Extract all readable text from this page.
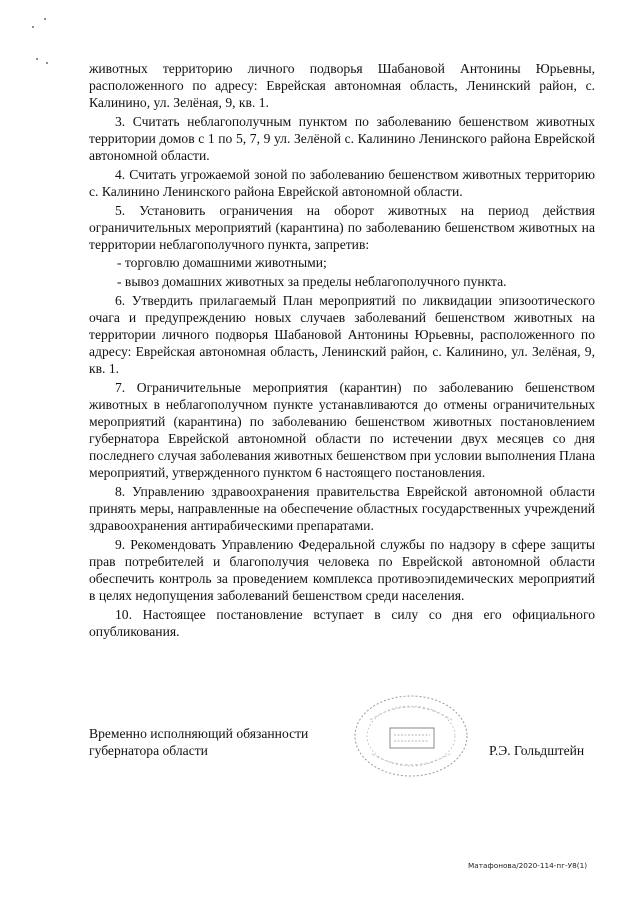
животных территорию личного подворья Шабановой Антонины Юрьевны, расположенного по адресу: Еврейская автономная область, Ленинский район, с. Калинино, ул. Зелёная, 9, кв. 1.

3. Считать неблагополучным пунктом по заболеванию бешенством животных территории домов с 1 по 5, 7, 9 ул. Зелёной с. Калинино Ленинского района Еврейской автономной области.

4. Считать угрожаемой зоной по заболеванию бешенством животных территорию с. Калинино Ленинского района Еврейской автономной области.

5. Установить ограничения на оборот животных на период действия ограничительных мероприятий (карантина) по заболеванию бешенством животных на территории неблагополучного пункта, запретив:

- торговлю домашними животными;

- вывоз домашних животных за пределы неблагополучного пункта.

6. Утвердить прилагаемый План мероприятий по ликвидации эпизоотического очага и предупреждению новых случаев заболеваний бешенством животных на территории личного подворья Шабановой Антонины Юрьевны, расположенного по адресу: Еврейская автономная область, Ленинский район, с. Калинино, ул. Зелёная, 9, кв. 1.

7. Ограничительные мероприятия (карантин) по заболеванию бешенством животных в неблагополучном пункте устанавливаются до отмены ограничительных мероприятий (карантина) по заболеванию бешенством животных постановлением губернатора Еврейской автономной области по истечении двух месяцев со дня последнего случая заболевания животных бешенством при условии выполнения Плана мероприятий, утвержденного пунктом 6 настоящего постановления.

8. Управлению здравоохранения правительства Еврейской автономной области принять меры, направленные на обеспечение областных государственных учреждений здравоохранения антирабическими препаратами.

9. Рекомендовать Управлению Федеральной службы по надзору в сфере защиты прав потребителей и благополучия человека по Еврейской автономной области обеспечить контроль за проведением комплекса противоэпидемических мероприятий в целях недопущения заболеваний бешенством среди населения.

10. Настоящее постановление вступает в силу со дня его официального опубликования.

Временно исполняющий обязанности
губернатора области	Р.Э. Гольдштейн
Матафонова/2020-114-пг-У8(1)
